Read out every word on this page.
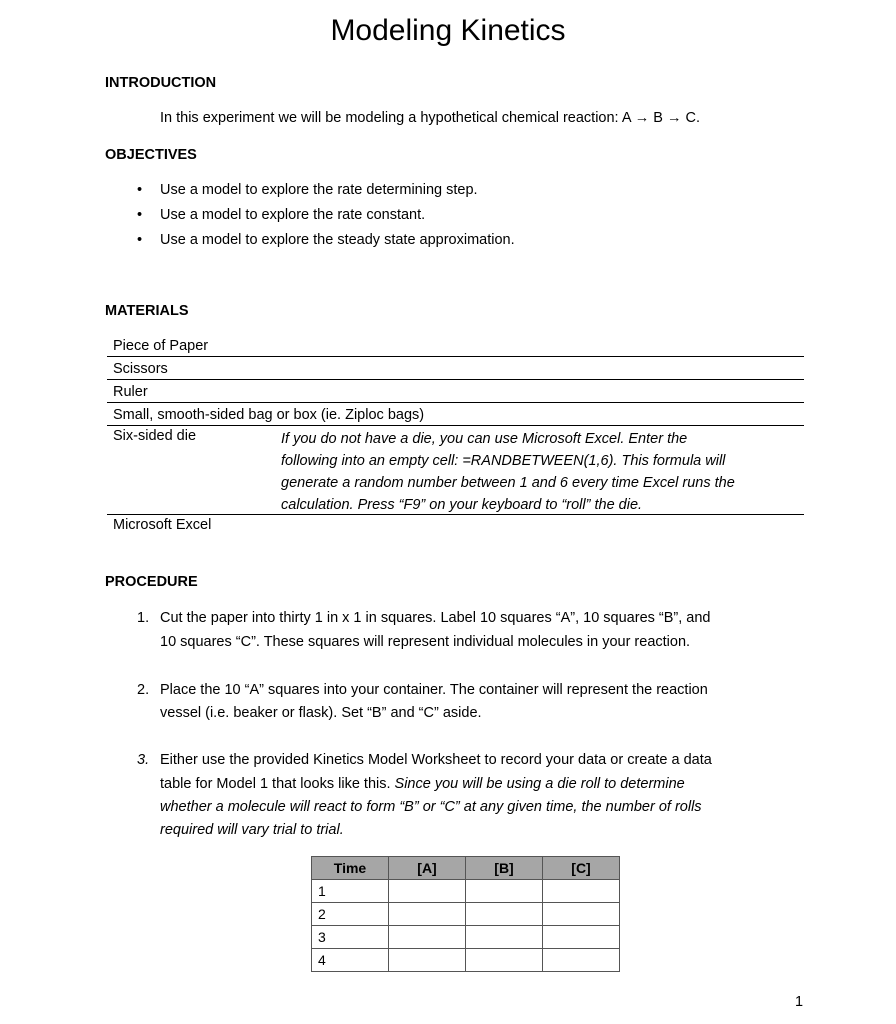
Modeling Kinetics
INTRODUCTION
In this experiment we will be modeling a hypothetical chemical reaction: A → B → C.
OBJECTIVES
• Use a model to explore the rate determining step.
• Use a model to explore the rate constant.
• Use a model to explore the steady state approximation.
MATERIALS
Piece of Paper
Scissors
Ruler
Small, smooth-sided bag or box (ie. Ziploc bags)
Six-sided die	If you do not have a die, you can use Microsoft Excel. Enter the
following into an empty cell: =RANDBETWEEN(1,6). This formula will
generate a random number between 1 and 6 every time Excel runs the
calculation. Press “F9” on your keyboard to “roll” the die.
Microsoft Excel
PROCEDURE
1. Cut the paper into thirty 1 in x 1 in squares. Label 10 squares “A”, 10 squares “B”, and
10 squares “C”. These squares will represent individual molecules in your reaction.
2. Place the 10 “A” squares into your container. The container will represent the reaction
vessel (i.e. beaker or flask). Set “B” and “C” aside.
3. Either use the provided Kinetics Model Worksheet to record your data or create a data
table for Model 1 that looks like this. Since you will be using a die roll to determine
whether a molecule will react to form “B” or “C” at any given time, the number of rolls
required will vary trial to trial.
Time	[A]	[B]	[C]
1			
2			
3			
4			
1
